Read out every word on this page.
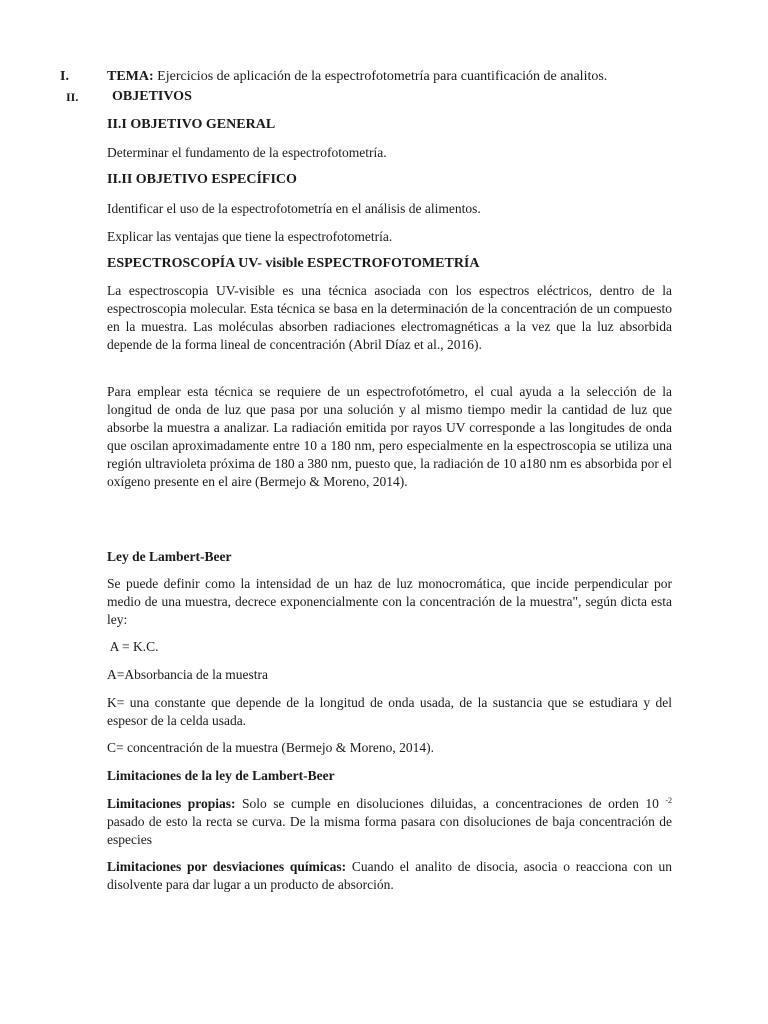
I.	TEMA: Ejercicios de aplicación de la espectrofotometría para cuantificación de analitos.
II. OBJETIVOS

II.I OBJETIVO GENERAL

Determinar el fundamento de la espectrofotometría.

II.II OBJETIVO ESPECÍFICO

Identificar el uso de la espectrofotometría en el análisis de alimentos.

Explicar las ventajas que tiene la espectrofotometría.

ESPECTROSCOPÍA UV- visible ESPECTROFOTOMETRÍA

La espectroscopia UV-visible es una técnica asociada con los espectros eléctricos, dentro de la espectroscopia molecular. Esta técnica se basa en la determinación de la concentración de un compuesto en la muestra. Las moléculas absorben radiaciones electromagnéticas a la vez que la luz absorbida depende de la forma lineal de concentración (Abril Díaz et al., 2016).

Para emplear esta técnica se requiere de un espectrofotómetro, el cual ayuda a la selección de la longitud de onda de luz que pasa por una solución y al mismo tiempo medir la cantidad de luz que absorbe la muestra a analizar. La radiación emitida por rayos UV corresponde a las longitudes de onda que oscilan aproximadamente entre 10 a 180 nm, pero especialmente en la espectroscopia se utiliza una región ultravioleta próxima de 180 a 380 nm, puesto que, la radiación de 10 a180 nm es absorbida por el oxígeno presente en el aire (Bermejo & Moreno, 2014).

Ley de Lambert-Beer

Se puede definir como la intensidad de un haz de luz monocromática, que incide perpendicular por medio de una muestra, decrece exponencialmente con la concentración de la muestra", según dicta esta ley:

A = K.C.

A=Absorbancia de la muestra

K= una constante que depende de la longitud de onda usada, de la sustancia que se estudiara y del espesor de la celda usada.

C= concentración de la muestra (Bermejo & Moreno, 2014).

Limitaciones de la ley de Lambert-Beer

Limitaciones propias: Solo se cumple en disoluciones diluidas, a concentraciones de orden 10 $^{-2}$ pasado de esto la recta se curva. De la misma forma pasara con disoluciones de baja concentración de especies

Limitaciones por desviaciones químicas: Cuando el analito de disocia, asocia o reacciona con un disolvente para dar lugar a un producto de absorción.
